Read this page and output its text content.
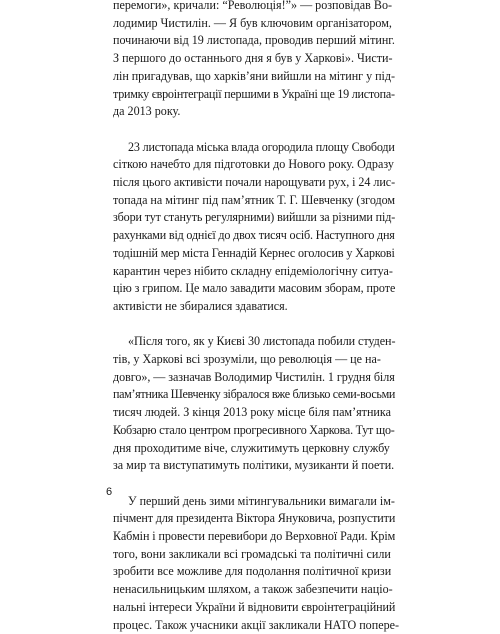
перемоги», кричали: “Революція!”» — розповідав Во-
лодимир Чистилін. — Я був ключовим організатором,
починаючи від 19 листопада, проводив перший мітинг.
З першого до останнього дня я був у Харкові». Чисти-
лін пригадував, що харків’яни вийшли на мітинг у під-
тримку євроінтеграції першими в Україні ще 19 листопа-
да 2013 року.

23 листопада міська влада огородила площу Свободи
сіткою начебто для підготовки до Нового року. Одразу
після цього активісти почали нарощувати рух, і 24 лис-
топада на мітинг під пам’ятник Т. Г. Шевченку (згодом
збори тут стануть регулярними) вийшли за різними під-
рахунками від однієї до двох тисяч осіб. Наступного дня
тодішній мер міста Геннадій Кернес оголосив у Харкові
карантин через нібито складну епідеміологічну ситуа-
цію з грипом. Це мало завадити масовим зборам, проте
активісти не збиралися здаватися.

«Після того, як у Києві 30 листопада побили студен-
тів, у Харкові всі зрозуміли, що революція — це на-
довго», — зазначав Володимир Чистилін. 1 грудня біля
пам’ятника Шевченку зібралося вже близько семи-восьми
тисяч людей. З кінця 2013 року місце біля пам’ятника
Кобзарю стало центром прогресивного Харкова. Тут що-
дня проходитиме віче, служитимуть церковну службу
за мир та виступатимуть політики, музиканти й поети.

У перший день зими мітингувальники вимагали ім-
пічмент для президента Віктора Януковича, розпустити
Кабмін і провести перевибори до Верховної Ради. Крім
того, вони закликали всі громадські та політичні сили
зробити все можливе для подолання політичної кризи
ненасильницьким шляхом, а також забезпечити націо-
нальні інтереси України й відновити євроінтеграційний
процес. Також учасники акції закликали НАТО попере-

6
